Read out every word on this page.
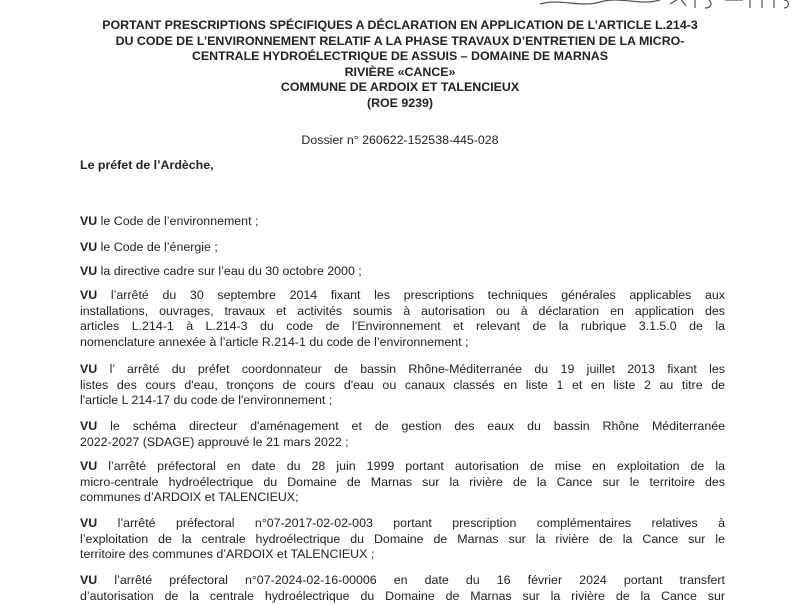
PORTANT PRESCRIPTIONS SPÉCIFIQUES A DÉCLARATION EN APPLICATION DE L’ARTICLE L.214-3
DU CODE DE L’ENVIRONNEMENT RELATIF A LA PHASE TRAVAUX D’ENTRETIEN DE LA MICRO-
CENTRALE HYDROÉLECTRIQUE DE ASSUIS – DOMAINE DE MARNAS
RIVIÈRE «CANCE»
COMMUNE DE ARDOIX ET TALENCIEUX
(ROE 9239)
Dossier n° 260622-152538-445-028
Le préfet de l’Ardèche,
VU le Code de l’environnement ;
VU le Code de l’énergie ;
VU la directive cadre sur l’eau du 30 octobre 2000 ;
VU l’arrêté du 30 septembre 2014 fixant les prescriptions techniques générales applicables aux
installations, ouvrages, travaux et activités soumis à autorisation ou à déclaration en application des
articles L.214-1 à L.214-3 du code de l’Environnement et relevant de la rubrique 3.1.5.0 de la
nomenclature annexée à l’article R.214-1 du code de l’environnement ;
VU l’ arrêté du préfet coordonnateur de bassin Rhône-Méditerranée du 19 juillet 2013 fixant les
listes des cours d'eau, tronçons de cours d'eau ou canaux classés en liste 1 et en liste 2 au titre de
l'article L 214-17 du code de l'environnement ;
VU le schéma directeur d'aménagement et de gestion des eaux du bassin Rhône Méditerranée
2022-2027 (SDAGE) approuvé le 21 mars 2022 ;
VU l’arrêté préfectoral en date du 28 juin 1999 portant autorisation de mise en exploitation de la
micro-centrale hydroélectrique du Domaine de Marnas sur la rivière de la Cance sur le territoire des
communes d’ARDOIX et TALENCIEUX;
VU l’arrêté préfectoral n°07-2017-02-02-003 portant prescription complémentaires relatives à
l’exploitation de la centrale hydroélectrique du Domaine de Marnas sur la rivière de la Cance sur le
territoire des communes d’ARDOIX et TALENCIEUX ;
VU l’arrêté préfectoral n°07-2024-02-16-00006 en date du 16 février 2024 portant transfert
d’autorisation de la centrale hydroélectrique du Domaine de Marnas sur la rivière de la Cance sur
